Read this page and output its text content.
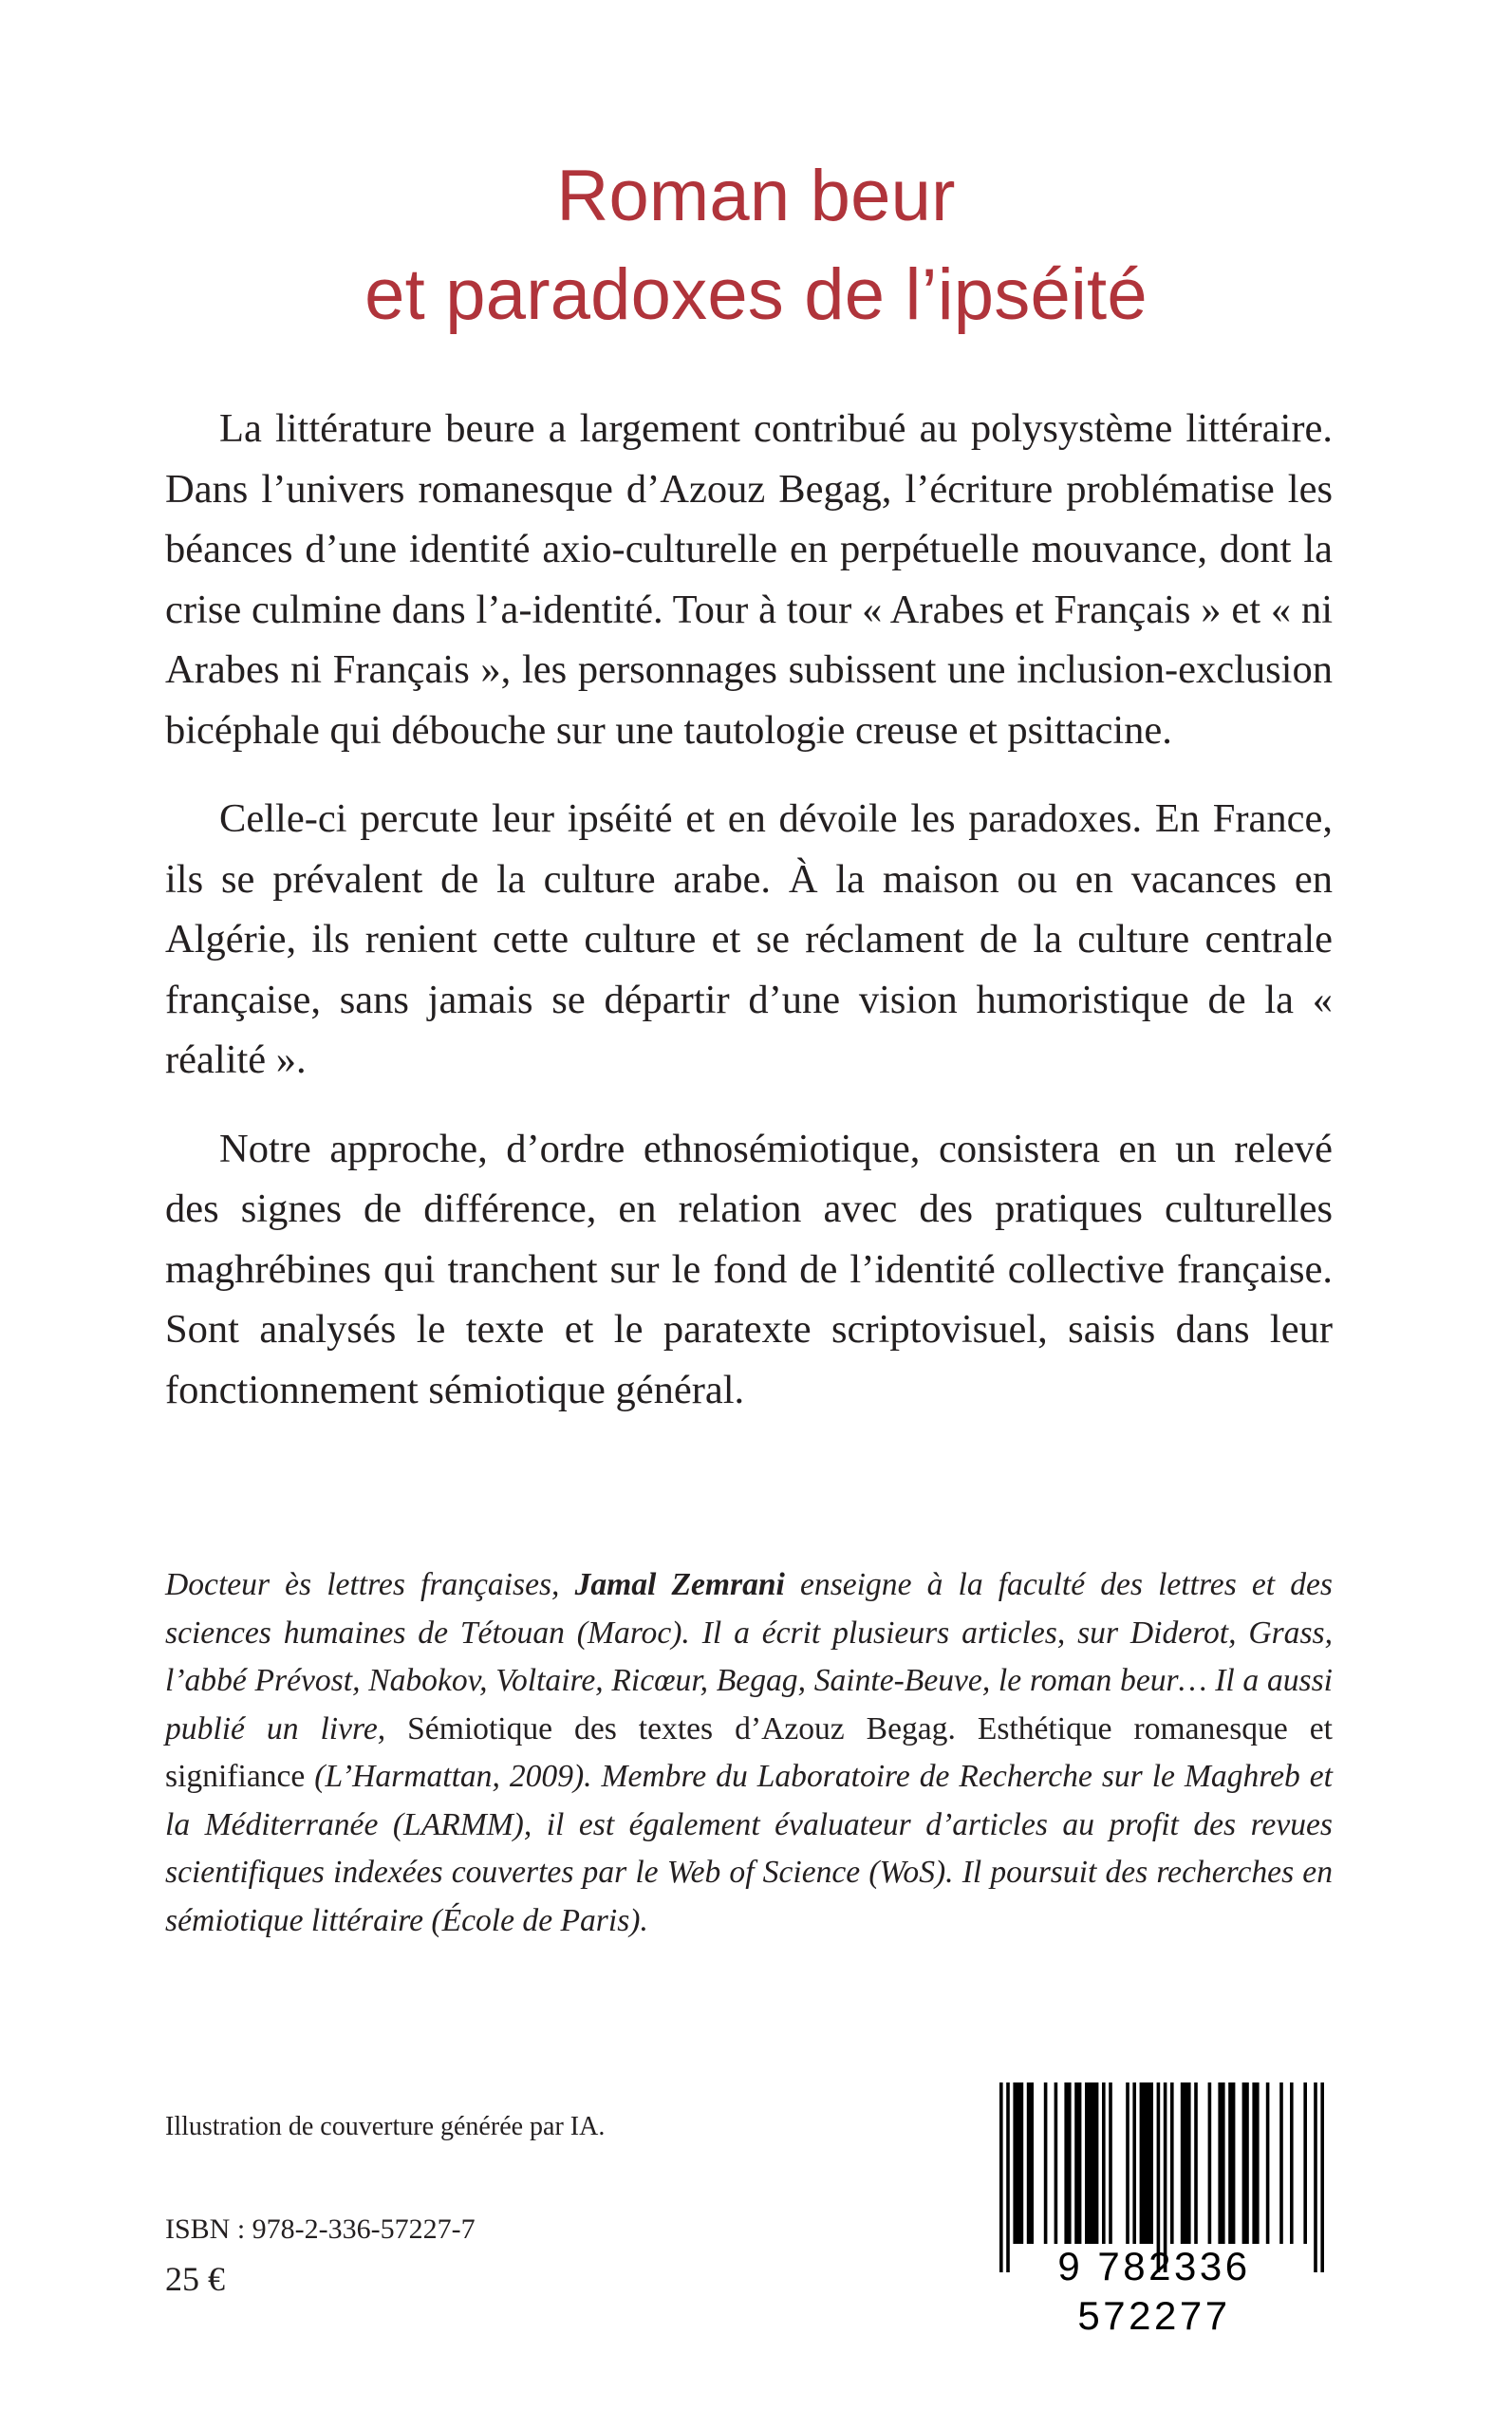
Roman beur
et paradoxes de l’ipséité

La littérature beure a largement contribué au polysystème littéraire. Dans l’univers romanesque d’Azouz Begag, l’écriture problématise les béances d’une identité axio-culturelle en perpétuelle mouvance, dont la crise culmine dans l’a-identité. Tour à tour « Arabes et Français » et « ni Arabes ni Français », les personnages subissent une inclusion-exclusion bicéphale qui débouche sur une tautologie creuse et psittacine.

Celle-ci percute leur ipséité et en dévoile les paradoxes. En France, ils se prévalent de la culture arabe. À la maison ou en vacances en Algérie, ils renient cette culture et se réclament de la culture centrale française, sans jamais se départir d’une vision humoristique de la « réalité ».

Notre approche, d’ordre ethnosémiotique, consistera en un relevé des signes de différence, en relation avec des pratiques culturelles maghrébines qui tranchent sur le fond de l’identité collective française. Sont analysés le texte et le paratexte scriptovisuel, saisis dans leur fonctionnement sémiotique général.

Docteur ès lettres françaises, Jamal Zemrani enseigne à la faculté des lettres et des sciences humaines de Tétouan (Maroc). Il a écrit plusieurs articles, sur Diderot, Grass, l’abbé Prévost, Nabokov, Voltaire, Ricœur, Begag, Sainte-Beuve, le roman beur… Il a aussi publié un livre, Sémiotique des textes d’Azouz Begag. Esthétique romanesque et signifiance (L’Harmattan, 2009). Membre du Laboratoire de Recherche sur le Maghreb et la Méditerranée (LARMM), il est également évaluateur d’articles au profit des revues scientifiques indexées couvertes par le Web of Science (WoS). Il poursuit des recherches en sémiotique littéraire (École de Paris).

Illustration de couverture générée par IA.

ISBN : 978-2-336-57227-7

25 €	9 782336 572277
